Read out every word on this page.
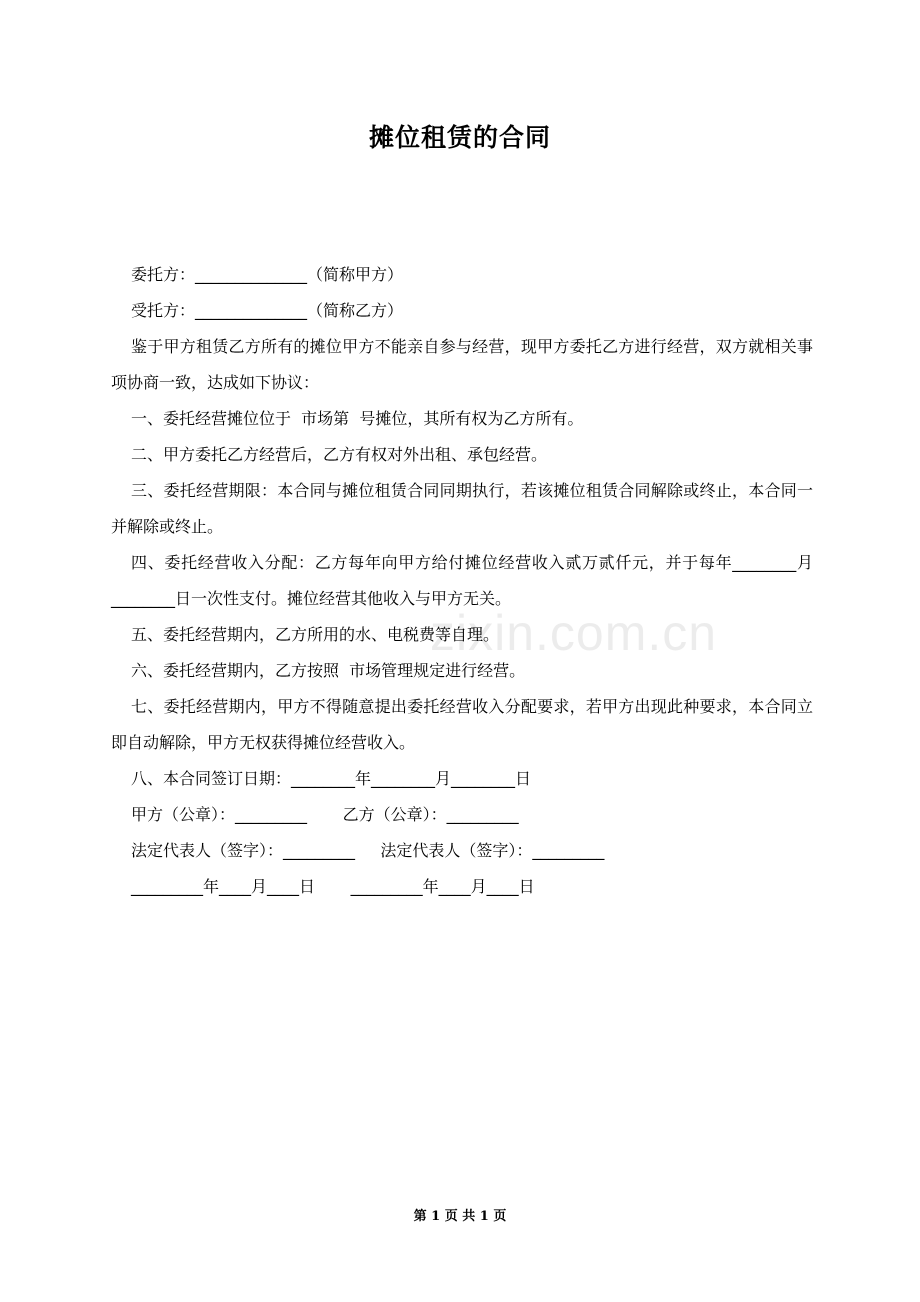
摊位租赁的合同

委托方：______________（简称甲方）

受托方：______________（简称乙方）

鉴于甲方租赁乙方所有的摊位甲方不能亲自参与经营，现甲方委托乙方进行经营，双方就相关事项协商一致，达成如下协议：

一、委托经营摊位位于  市场第  号摊位，其所有权为乙方所有。

二、甲方委托乙方经营后，乙方有权对外出租、承包经营。

三、委托经营期限：本合同与摊位租赁合同同期执行，若该摊位租赁合同解除或终止，本合同一并解除或终止。

四、委托经营收入分配：乙方每年向甲方给付摊位经营收入贰万贰仟元，并于每年________月________日一次性支付。摊位经营其他收入与甲方无关。

五、委托经营期内，乙方所用的水、电税费等自理。

六、委托经营期内，乙方按照  市场管理规定进行经营。

七、委托经营期内，甲方不得随意提出委托经营收入分配要求，若甲方出现此种要求，本合同立即自动解除，甲方无权获得摊位经营收入。

八、本合同签订日期：________年________月________日

甲方（公章）：_________       乙方（公章）：_________

法定代表人（签字）：_________     法定代表人（签字）：_________

_________年____月____日       _________年____月____日

zixin.com.cn
第 1 页 共 1 页
